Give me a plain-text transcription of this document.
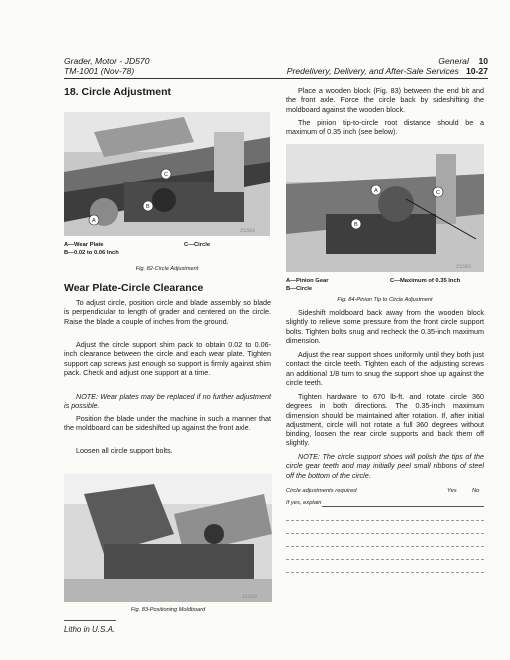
Grader, Motor - JD570
TM-1001 (Nov-78)
General 10
Predelivery, Delivery, and After-Sale Services 10-27
18. Circle Adjustment
A
B
C
21593
A—Wear Plate
B—0.02 to 0.06 Inch
C—Circle
Fig. 82-Circle Adjustment
Wear Plate-Circle Clearance
To adjust circle, position circle and blade assembly so blade is perpendicular to length of grader and centered on the circle. Raise the blade a couple of inches from the ground.
Adjust the circle support shim pack to obtain 0.02 to 0.06-inch clearance between the circle and each wear plate. Tighten support cap screws just enough so support is firmly against shim pack. Check and adjust one support at a time.
NOTE: Wear plates may be replaced if no further adjustment is possible.
Position the blade under the machine in such a manner that the moldboard can be sideshifted up against the front axle.
Loosen all circle support bolts.
21583
Fig. 83-Positioning Moldboard
Litho in U.S.A.
Place a wooden block (Fig. 83) between the end bit and the front axle. Force the circle back by sideshifting the moldboard against the wooden block.
The pinion tip-to-circle root distance should be a maximum of 0.35 inch (see below).
A	C
B
21593
A—Pinion Gear
B—Circle
C—Maximum of 0.35 Inch
Fig. 84-Pinion Tip to Circle Adjustment
Sideshift moldboard back away from the wooden block slightly to relieve some pressure from the front circle support bolts. Tighten bolts snug and recheck the 0.35-inch maximum dimension.
Adjust the rear support shoes uniformly until they both just contact the circle teeth. Tighten each of the adjusting screws an additional 1/8 turn to snug the support shoe up against the circle teeth.
Tighten hardware to 670 lb-ft. and rotate circle 360 degrees in both directions. The 0.35-inch maximum dimension should be maintained after rotation. If, after initial adjustment, circle will not rotate a full 360 degrees without binding, loosen the rear circle supports and back them off slightly.
NOTE: The circle support shoes will polish the tips of the circle gear teeth and may initially peel small ribbons of steel off the bottom of the circle.
Circle adjustments required	Yes	No
If yes, explain
